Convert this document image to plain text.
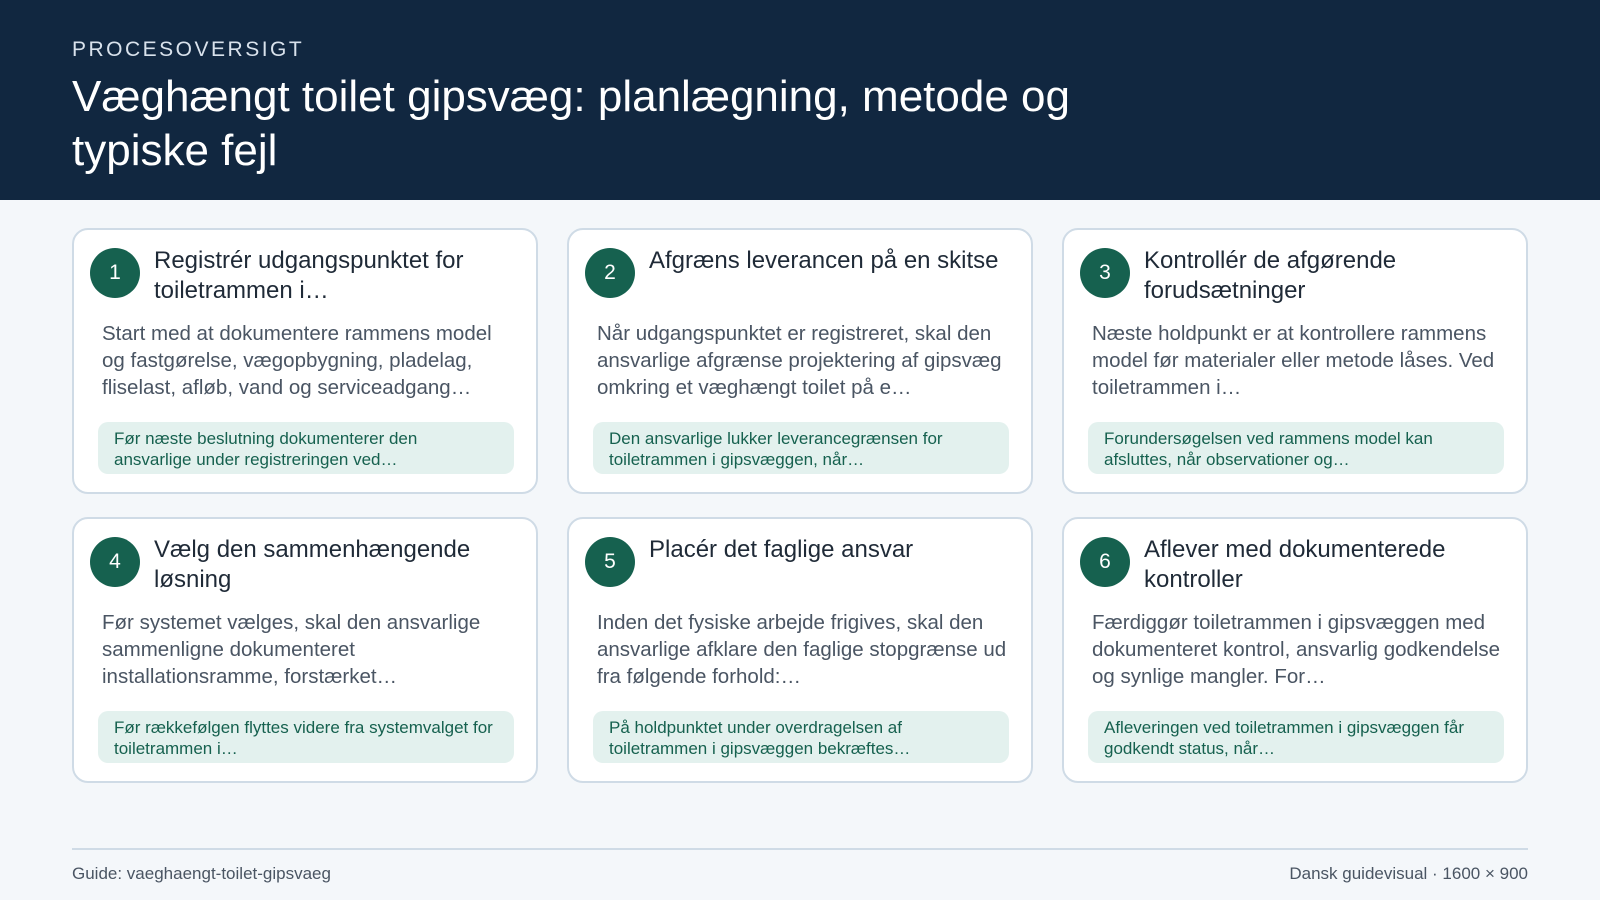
PROCESOVERSIGT
Væghængt toilet gipsvæg: planlægning, metode og typiske fejl
1	Registrér udgangspunktet for toiletrammen i…
Start med at dokumentere rammens model og fastgørelse, vægopbygning, pladelag, fliselast, afløb, vand og serviceadgang…
Før næste beslutning dokumenterer den ansvarlige under registreringen ved…
2	Afgræns leverancen på en skitse
Når udgangspunktet er registreret, skal den ansvarlige afgrænse projektering af gipsvæg omkring et væghængt toilet på e…
Den ansvarlige lukker leverancegrænsen for toiletrammen i gipsvæggen, når…
3	Kontrollér de afgørende forudsætninger
Næste holdpunkt er at kontrollere rammens model før materialer eller metode låses. Ved toiletrammen i…
Forundersøgelsen ved rammens model kan afsluttes, når observationer og…
4	Vælg den sammenhængende løsning
Før systemet vælges, skal den ansvarlige sammenligne dokumenteret installationsramme, forstærket…
Før rækkefølgen flyttes videre fra systemvalget for toiletrammen i…
5	Placér det faglige ansvar
Inden det fysiske arbejde frigives, skal den ansvarlige afklare den faglige stopgrænse ud fra følgende forhold:…
På holdpunktet under overdragelsen af toiletrammen i gipsvæggen bekræftes…
6	Aflever med dokumenterede kontroller
Færdiggør toiletrammen i gipsvæggen med dokumenteret kontrol, ansvarlig godkendelse og synlige mangler. For…
Afleveringen ved toiletrammen i gipsvæggen får godkendt status, når…
Guide: vaeghaengt-toilet-gipsvaeg	Dansk guidevisual · 1600 × 900
